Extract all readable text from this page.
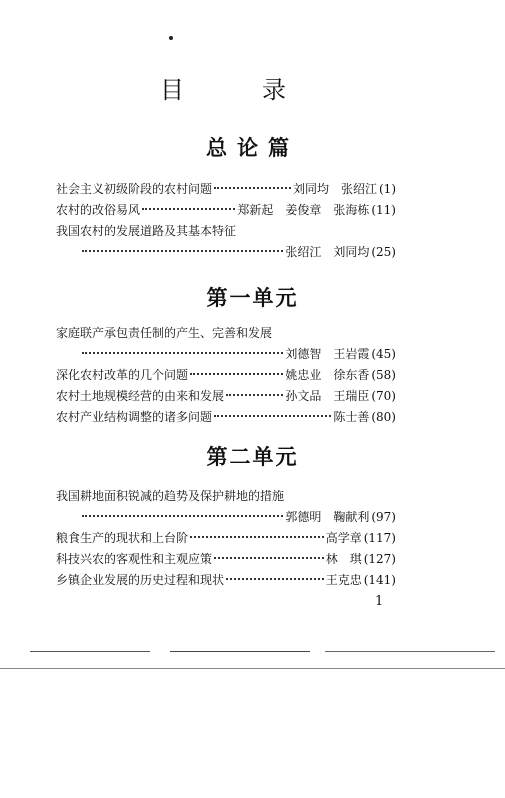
目	录
总论篇
社会主义初级阶段的农村问题	刘同均　张绍江 (1)
农村的改俗易风	郑新起　姜俊章　张海栋 (11)
我国农村的发展道路及其基本特征
张绍江　刘同均 (25)
第一单元
家庭联产承包责任制的产生、完善和发展
刘德智　王岩霞 (45)
深化农村改革的几个问题	姚忠业　徐东香 (58)
农村土地规模经营的由来和发展	孙文品　王瑞臣 (70)
农村产业结构调整的诸多问题	陈士善 (80)
第二单元
我国耕地面积锐减的趋势及保护耕地的措施
郭德明　鞠献利 (97)
粮食生产的现状和上台阶	高学章 (117)
科技兴农的客观性和主观应策	林　琪 (127)
乡镇企业发展的历史过程和现状	王克忠 (141)
1
